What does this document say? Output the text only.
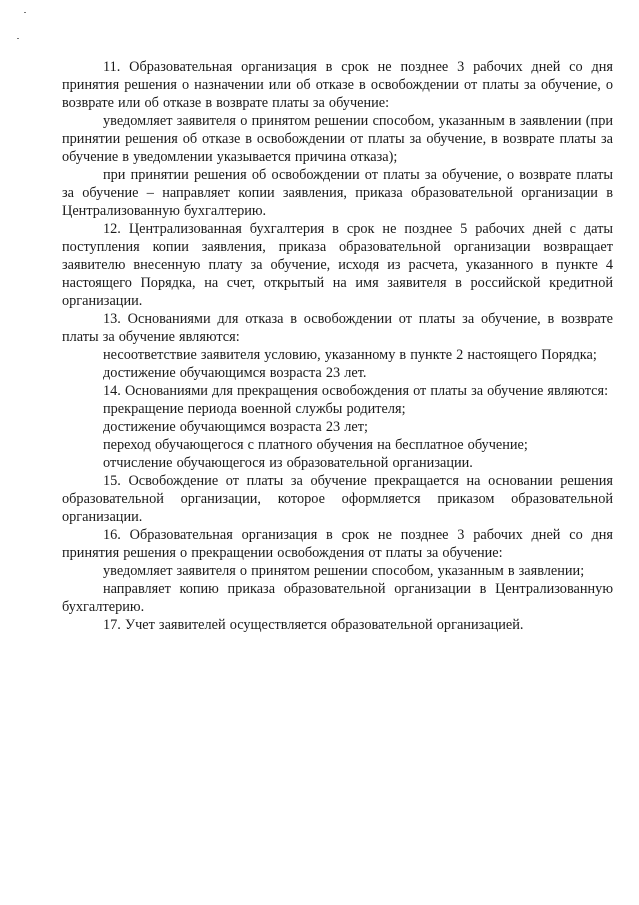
11. Образовательная организация в срок не позднее 3 рабочих дней со дня принятия решения о назначении или об отказе в освобождении от платы за обучение, о возврате или об отказе в возврате платы за обучение:

уведомляет заявителя о принятом решении способом, указанным в заявлении (при принятии решения об отказе в освобождении от платы за обучение, в возврате платы за обучение в уведомлении указывается причина отказа);

при принятии решения об освобождении от платы за обучение, о возврате платы за обучение – направляет копии заявления, приказа образовательной организации в Централизованную бухгалтерию.

12. Централизованная бухгалтерия в срок не позднее 5 рабочих дней с даты поступления копии заявления, приказа образовательной организации возвращает заявителю внесенную плату за обучение, исходя из расчета, указанного в пункте 4 настоящего Порядка, на счет, открытый на имя заявителя в российской кредитной организации.

13. Основаниями для отказа в освобождении от платы за обучение, в возврате платы за обучение являются:

несоответствие заявителя условию, указанному в пункте 2 настоящего Порядка;

достижение обучающимся возраста 23 лет.

14. Основаниями для прекращения освобождения от платы за обучение являются:

прекращение периода военной службы родителя;

достижение обучающимся возраста 23 лет;

переход обучающегося с платного обучения на бесплатное обучение;

отчисление обучающегося из образовательной организации.

15. Освобождение от платы за обучение прекращается на основании решения образовательной организации, которое оформляется приказом образовательной организации.

16. Образовательная организация в срок не позднее 3 рабочих дней со дня принятия решения о прекращении освобождения от платы за обучение:

уведомляет заявителя о принятом решении способом, указанным в заявлении;

направляет копию приказа образовательной организации в Централизованную бухгалтерию.

17. Учет заявителей осуществляется образовательной организацией.
